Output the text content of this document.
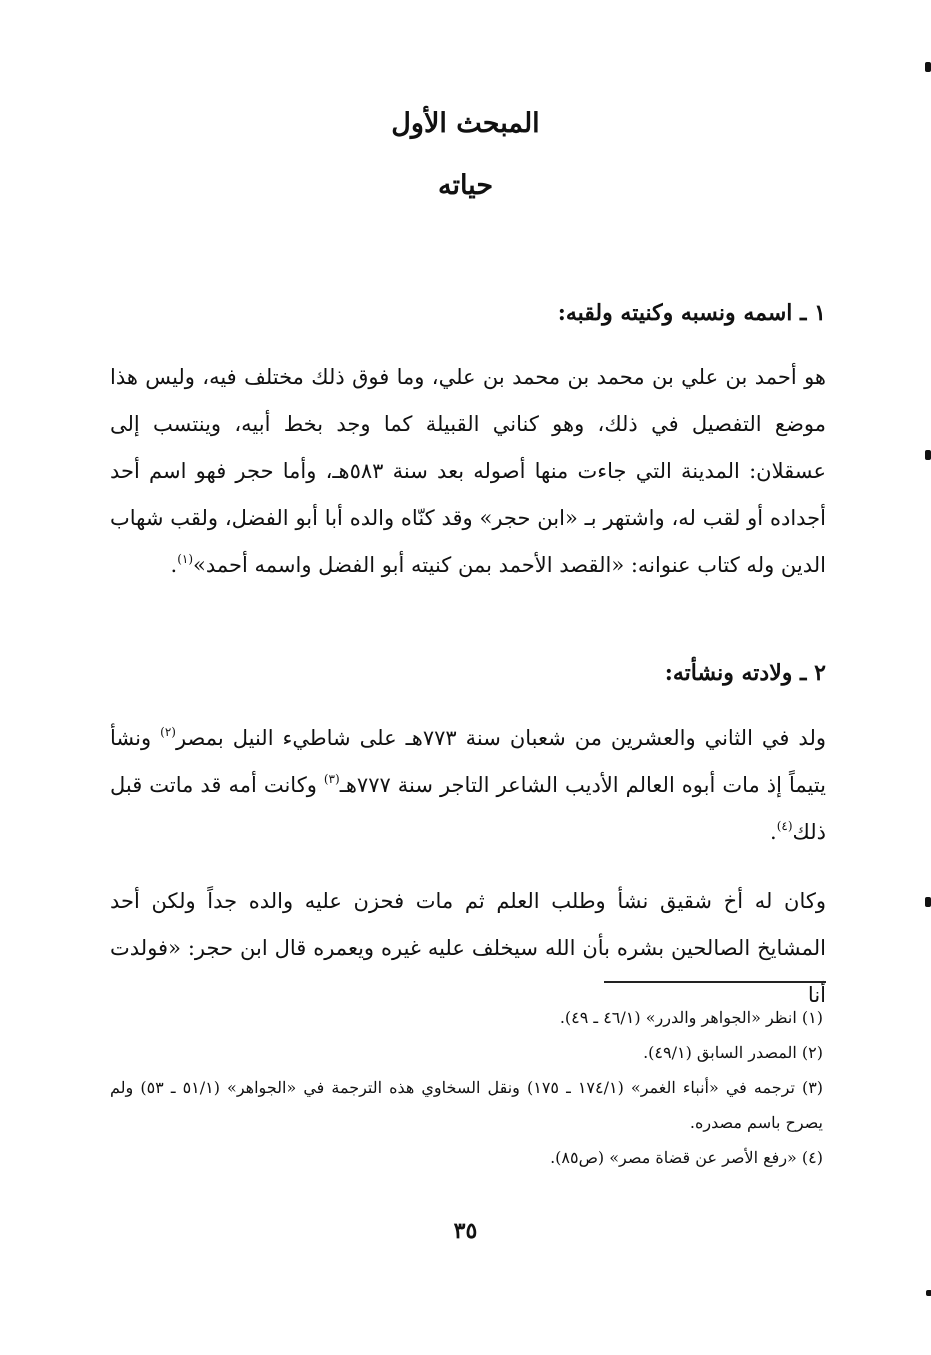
المبحث الأول
حياته
١ ـ اسمه ونسبه وكنيته ولقبه:

هو أحمد بن علي بن محمد بن محمد بن علي، وما فوق ذلك مختلف فيه، وليس هذا موضع التفصيل في ذلك، وهو كناني القبيلة كما وجد بخط أبيه، وينتسب إلى عسقلان: المدينة التي جاءت منها أصوله بعد سنة ٥٨٣هـ، وأما حجر فهو اسم أحد أجداده أو لقب له، واشتهر بـ «ابن حجر» وقد كنّاه والده أبا أبو الفضل، ولقب شهاب الدين وله كتاب عنوانه: «القصد الأحمد بمن كنيته أبو الفضل واسمه أحمد»$^{(١)}$.

٢ ـ ولادته ونشأته:

ولد في الثاني والعشرين من شعبان سنة ٧٧٣هـ على شاطيء النيل بمصر$^{(٢)}$ ونشأ يتيماً إذ مات أبوه العالم الأديب الشاعر التاجر سنة ٧٧٧هـ$^{(٣)}$ وكانت أمه قد ماتت قبل ذلك$^{(٤)}$.

وكان له أخ شقيق نشأ وطلب العلم ثم مات فحزن عليه والده جداً ولكن أحد المشايخ الصالحين بشره بأن الله سيخلف عليه غيره ويعمره قال ابن حجر: «فولدت أنا

(١) انظر «الجواهر والدرر» (٤٦/١ ـ ٤٩).
(٢) المصدر السابق (٤٩/١).
(٣) ترجمه في «أنباء الغمر» (١٧٤/١ ـ ١٧٥) ونقل السخاوي هذه الترجمة في «الجواهر» (٥١/١ ـ ٥٣) ولم يصرح باسم مصدره.
(٤) «رفع الأصر عن قضاة مصر» (ص٨٥).
٣٥
